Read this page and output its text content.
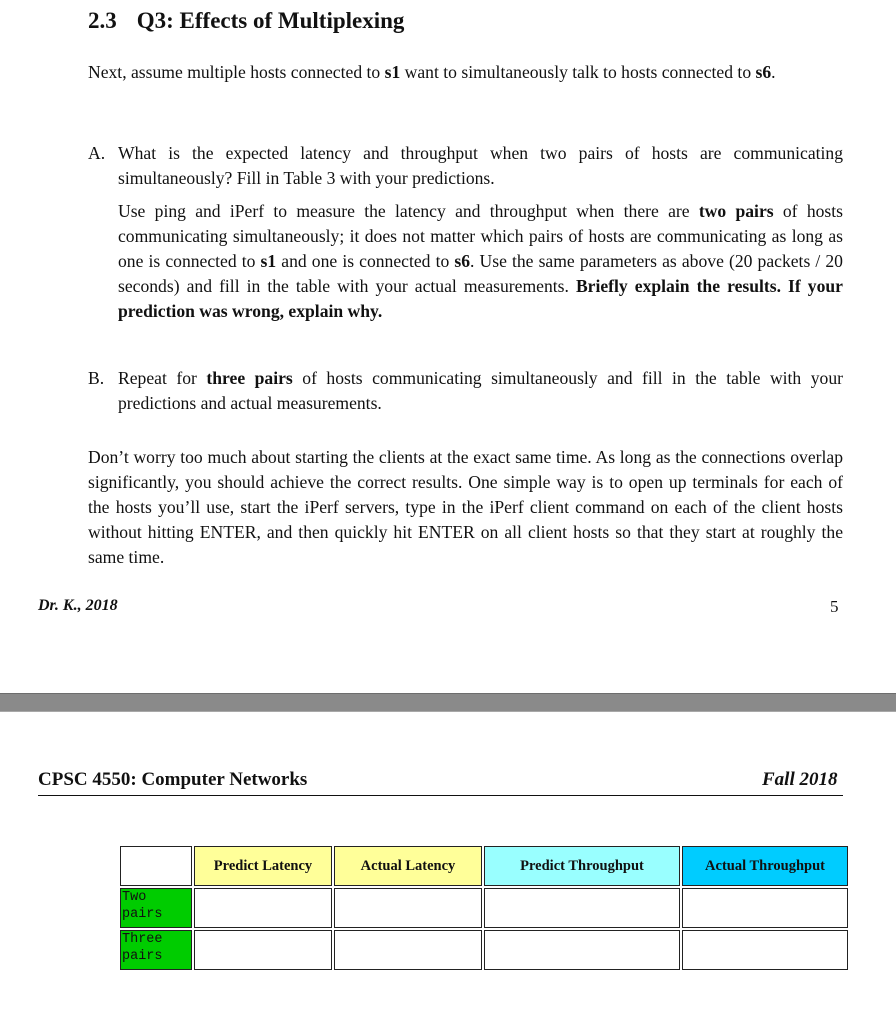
2.3 Q3: Effects of Multiplexing

Next, assume multiple hosts connected to s1 want to simultaneously talk to hosts connected to s6.

A. What is the expected latency and throughput when two pairs of hosts are communicating simultaneously? Fill in Table 3 with your predictions.

Use ping and iPerf to measure the latency and throughput when there are two pairs of hosts communicating simultaneously; it does not matter which pairs of hosts are communicating as long as one is connected to s1 and one is connected to s6. Use the same parameters as above (20 packets / 20 seconds) and fill in the table with your actual measurements. Briefly explain the results. If your prediction was wrong, explain why.

B. Repeat for three pairs of hosts communicating simultaneously and fill in the table with your predictions and actual measurements.

Don’t worry too much about starting the clients at the exact same time. As long as the connections overlap significantly, you should achieve the correct results. One simple way is to open up terminals for each of the hosts you’ll use, start the iPerf servers, type in the iPerf client command on each of the client hosts without hitting ENTER, and then quickly hit ENTER on all client hosts so that they start at roughly the same time.

Dr. K., 2018	5
CPSC 4550: Computer Networks	Fall 2018
	Predict Latency	Actual Latency	Predict Throughput	Actual Throughput
Two pairs				
Three pairs				
